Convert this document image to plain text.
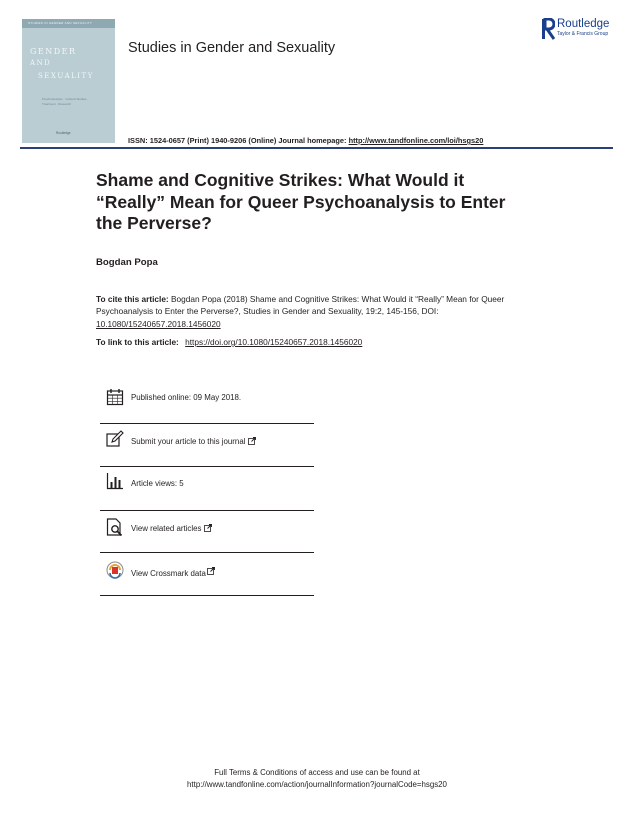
STUDIES IN GENDER AND SEXUALITY
GENDER
AND
SEXUALITY
Psychoanalysis · Cultural Studies · Treatment · Research
Routledge
Studies in Gender and Sexuality
Routledge
Taylor & Francis Group
ISSN: 1524-0657 (Print) 1940-9206 (Online) Journal homepage: http://www.tandfonline.com/loi/hsgs20
Shame and Cognitive Strikes: What Would it “Really” Mean for Queer Psychoanalysis to Enter the Perverse?
Bogdan Popa
To cite this article: Bogdan Popa (2018) Shame and Cognitive Strikes: What Would it “Really” Mean for Queer Psychoanalysis to Enter the Perverse?, Studies in Gender and Sexuality, 19:2, 145-156, DOI: 10.1080/15240657.2018.1456020
To link to this article: https://doi.org/10.1080/15240657.2018.1456020
Published online: 09 May 2018.
Submit your article to this journal
Article views: 5
View related articles
View Crossmark data
Full Terms & Conditions of access and use can be found at
http://www.tandfonline.com/action/journalInformation?journalCode=hsgs20
